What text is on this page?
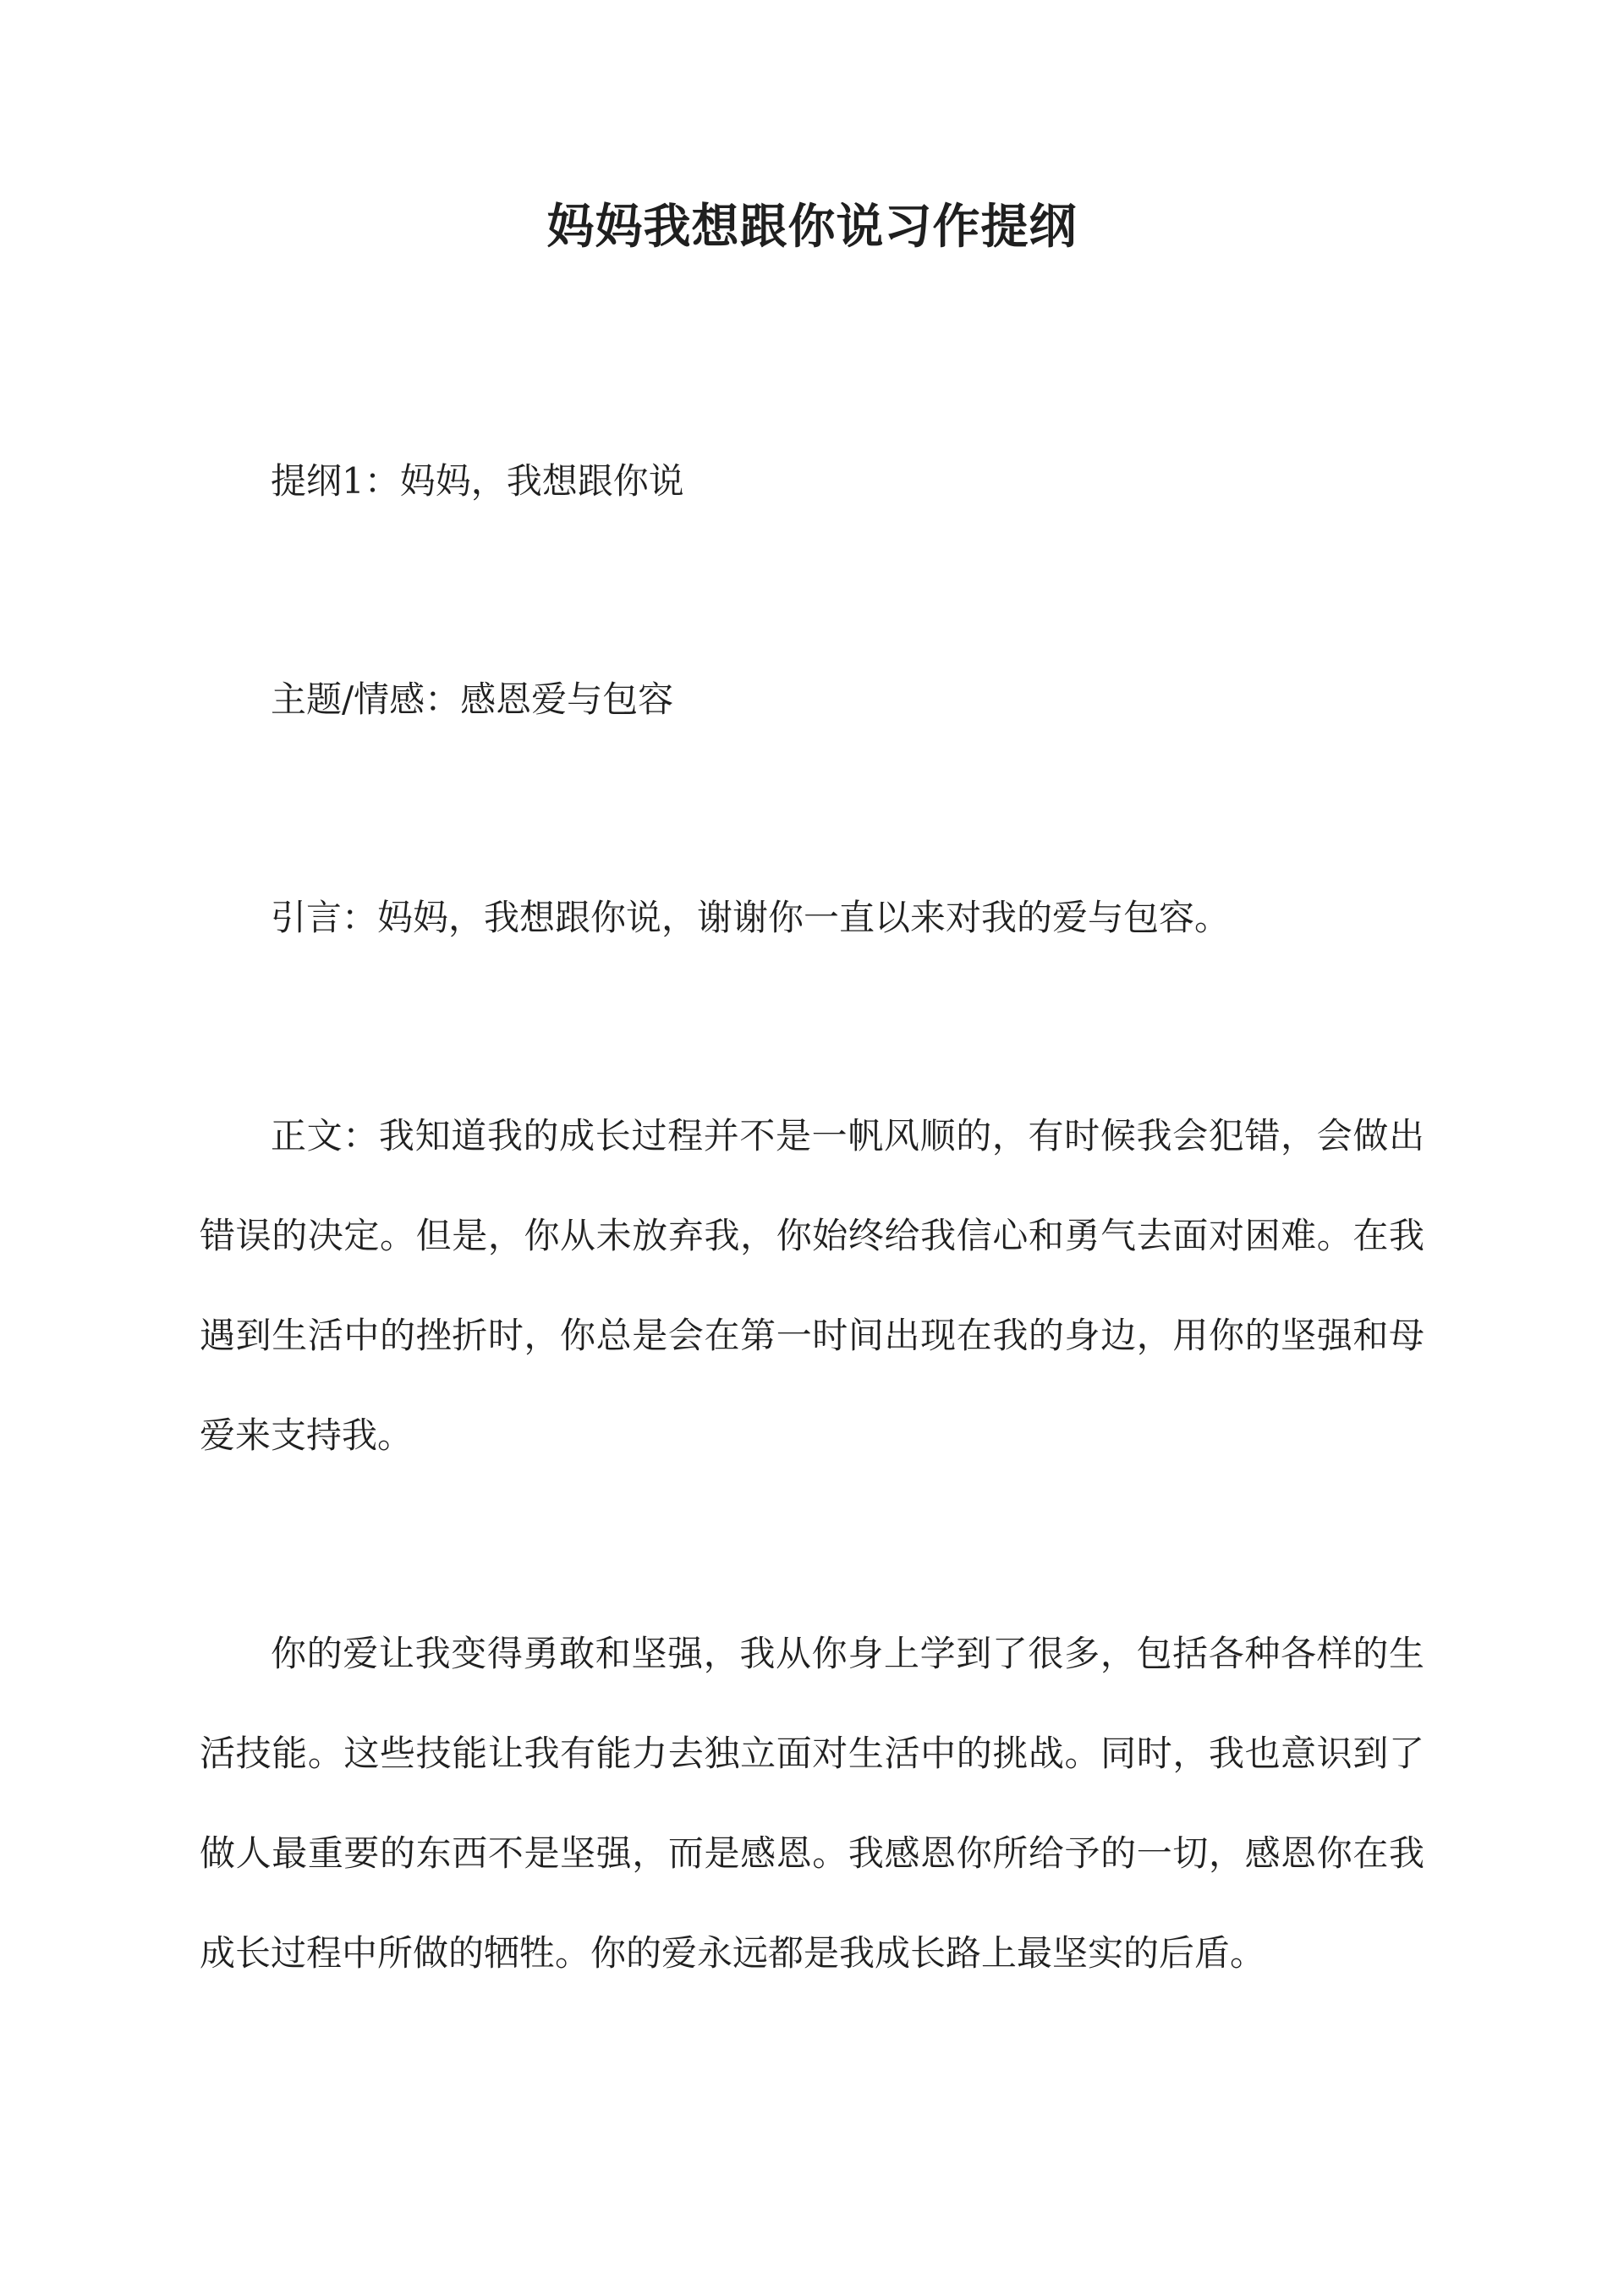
妈妈我想跟你说习作提纲

提纲1：妈妈，我想跟你说

主题/情感：感恩爱与包容

引言：妈妈，我想跟你说，谢谢你一直以来对我的爱与包容。

正文：我知道我的成长过程并不是一帆风顺的，有时候我会犯错，会做出错误的决定。但是，你从未放弃我，你始终给我信心和勇气去面对困难。在我遇到生活中的挫折时，你总是会在第一时间出现在我的身边，用你的坚强和母爱来支持我。

你的爱让我变得勇敢和坚强，我从你身上学到了很多，包括各种各样的生活技能。这些技能让我有能力去独立面对生活中的挑战。同时，我也意识到了做人最重要的东西不是坚强，而是感恩。我感恩你所给予的一切，感恩你在我成长过程中所做的牺牲。你的爱永远都是我成长路上最坚实的后盾。
